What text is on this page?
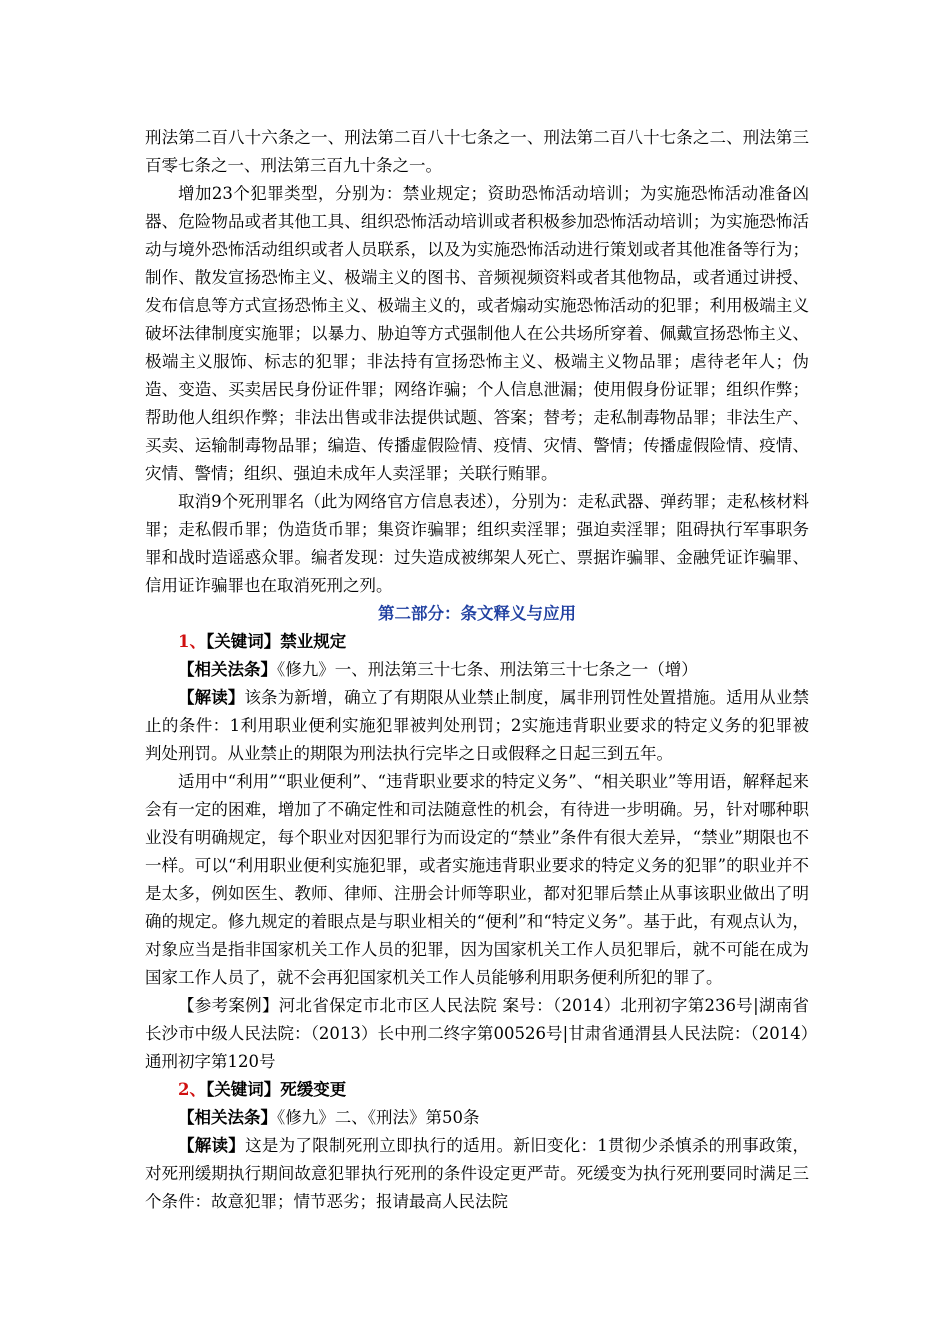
刑法第二百八十六条之一、刑法第二百八十七条之一、刑法第二百八十七条之二、刑法第三百零七条之一、刑法第三百九十条之一。

增加23个犯罪类型，分别为：禁业规定；资助恐怖活动培训；为实施恐怖活动准备凶器、危险物品或者其他工具、组织恐怖活动培训或者积极参加恐怖活动培训；为实施恐怖活动与境外恐怖活动组织或者人员联系，以及为实施恐怖活动进行策划或者其他准备等行为；制作、散发宣扬恐怖主义、极端主义的图书、音频视频资料或者其他物品，或者通过讲授、发布信息等方式宣扬恐怖主义、极端主义的，或者煽动实施恐怖活动的犯罪；利用极端主义破坏法律制度实施罪；以暴力、胁迫等方式强制他人在公共场所穿着、佩戴宣扬恐怖主义、极端主义服饰、标志的犯罪；非法持有宣扬恐怖主义、极端主义物品罪；虐待老年人；伪造、变造、买卖居民身份证件罪；网络诈骗；个人信息泄漏；使用假身份证罪；组织作弊；帮助他人组织作弊；非法出售或非法提供试题、答案；替考；走私制毒物品罪；非法生产、买卖、运输制毒物品罪；编造、传播虚假险情、疫情、灾情、警情；传播虚假险情、疫情、灾情、警情；组织、强迫未成年人卖淫罪；关联行贿罪。

取消9个死刑罪名（此为网络官方信息表述），分别为：走私武器、弹药罪；走私核材料罪；走私假币罪；伪造货币罪；集资诈骗罪；组织卖淫罪；强迫卖淫罪；阻碍执行军事职务罪和战时造谣惑众罪。编者发现：过失造成被绑架人死亡、票据诈骗罪、金融凭证诈骗罪、信用证诈骗罪也在取消死刑之列。

第二部分：条文释义与应用

1、【关键词】禁业规定

【相关法条】《修九》一、刑法第三十七条、刑法第三十七条之一（增）

【解读】该条为新增，确立了有期限从业禁止制度，属非刑罚性处置措施。适用从业禁止的条件：1利用职业便利实施犯罪被判处刑罚；2实施违背职业要求的特定义务的犯罪被判处刑罚。从业禁止的期限为刑法执行完毕之日或假释之日起三到五年。

适用中“利用”“职业便利”、“违背职业要求的特定义务”、“相关职业”等用语，解释起来会有一定的困难，增加了不确定性和司法随意性的机会，有待进一步明确。另，针对哪种职业没有明确规定，每个职业对因犯罪行为而设定的“禁业”条件有很大差异，“禁业”期限也不一样。可以“利用职业便利实施犯罪，或者实施违背职业要求的特定义务的犯罪”的职业并不是太多，例如医生、教师、律师、注册会计师等职业，都对犯罪后禁止从事该职业做出了明确的规定。修九规定的着眼点是与职业相关的“便利”和“特定义务”。基于此，有观点认为，对象应当是指非国家机关工作人员的犯罪，因为国家机关工作人员犯罪后，就不可能在成为国家工作人员了，就不会再犯国家机关工作人员能够利用职务便利所犯的罪了。

【参考案例】河北省保定市北市区人民法院 案号：（2014）北刑初字第236号|湖南省长沙市中级人民法院：（2013）长中刑二终字第00526号|甘肃省通渭县人民法院：（2014）通刑初字第120号

2、【关键词】死缓变更

【相关法条】《修九》二、《刑法》第50条

【解读】这是为了限制死刑立即执行的适用。新旧变化：1贯彻少杀慎杀的刑事政策，对死刑缓期执行期间故意犯罪执行死刑的条件设定更严苛。死缓变为执行死刑要同时满足三个条件：故意犯罪；情节恶劣；报请最高人民法院
